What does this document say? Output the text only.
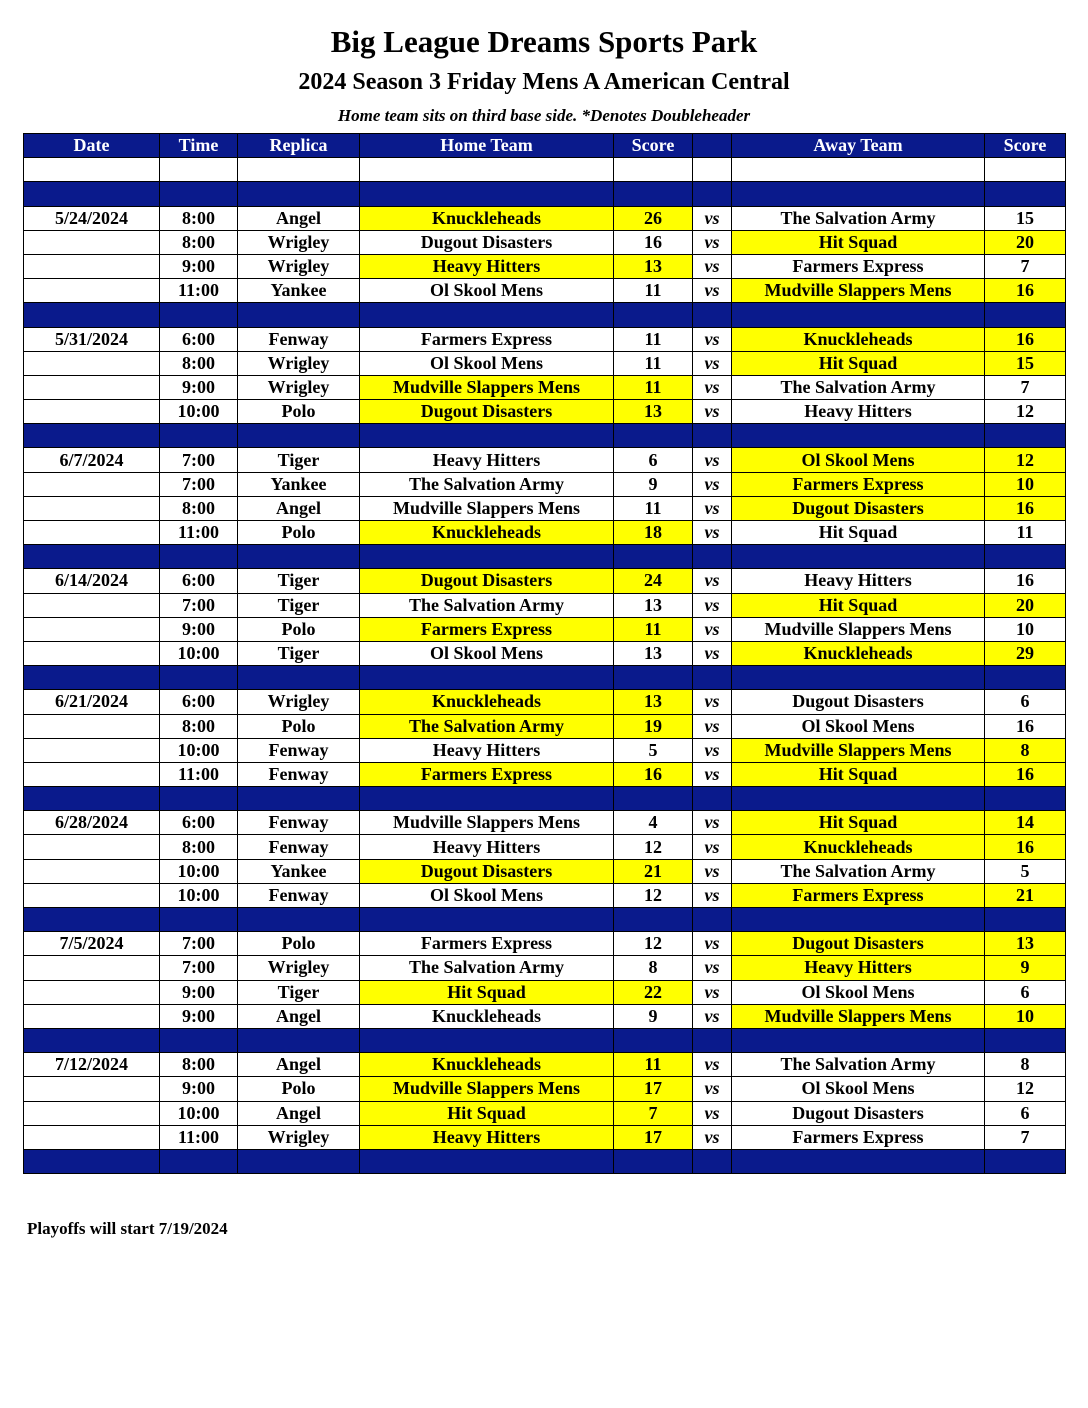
Big League Dreams Sports Park
2024 Season 3 Friday Mens A American Central
Home team sits on third base side. *Denotes Doubleheader
Date	Time	Replica	Home Team	Score		Away Team	Score

5/24/2024	8:00	Angel	Knuckleheads	26	vs	The Salvation Army	15
	8:00	Wrigley	Dugout Disasters	16	vs	Hit Squad	20
	9:00	Wrigley	Heavy Hitters	13	vs	Farmers Express	7
	11:00	Yankee	Ol Skool Mens	11	vs	Mudville Slappers Mens	16

5/31/2024	6:00	Fenway	Farmers Express	11	vs	Knuckleheads	16
	8:00	Wrigley	Ol Skool Mens	11	vs	Hit Squad	15
	9:00	Wrigley	Mudville Slappers Mens	11	vs	The Salvation Army	7
	10:00	Polo	Dugout Disasters	13	vs	Heavy Hitters	12

6/7/2024	7:00	Tiger	Heavy Hitters	6	vs	Ol Skool Mens	12
	7:00	Yankee	The Salvation Army	9	vs	Farmers Express	10
	8:00	Angel	Mudville Slappers Mens	11	vs	Dugout Disasters	16
	11:00	Polo	Knuckleheads	18	vs	Hit Squad	11

6/14/2024	6:00	Tiger	Dugout Disasters	24	vs	Heavy Hitters	16
	7:00	Tiger	The Salvation Army	13	vs	Hit Squad	20
	9:00	Polo	Farmers Express	11	vs	Mudville Slappers Mens	10
	10:00	Tiger	Ol Skool Mens	13	vs	Knuckleheads	29

6/21/2024	6:00	Wrigley	Knuckleheads	13	vs	Dugout Disasters	6
	8:00	Polo	The Salvation Army	19	vs	Ol Skool Mens	16
	10:00	Fenway	Heavy Hitters	5	vs	Mudville Slappers Mens	8
	11:00	Fenway	Farmers Express	16	vs	Hit Squad	16

6/28/2024	6:00	Fenway	Mudville Slappers Mens	4	vs	Hit Squad	14
	8:00	Fenway	Heavy Hitters	12	vs	Knuckleheads	16
	10:00	Yankee	Dugout Disasters	21	vs	The Salvation Army	5
	10:00	Fenway	Ol Skool Mens	12	vs	Farmers Express	21

7/5/2024	7:00	Polo	Farmers Express	12	vs	Dugout Disasters	13
	7:00	Wrigley	The Salvation Army	8	vs	Heavy Hitters	9
	9:00	Tiger	Hit Squad	22	vs	Ol Skool Mens	6
	9:00	Angel	Knuckleheads	9	vs	Mudville Slappers Mens	10

7/12/2024	8:00	Angel	Knuckleheads	11	vs	The Salvation Army	8
	9:00	Polo	Mudville Slappers Mens	17	vs	Ol Skool Mens	12
	10:00	Angel	Hit Squad	7	vs	Dugout Disasters	6
	11:00	Wrigley	Heavy Hitters	17	vs	Farmers Express	7

Playoffs will start 7/19/2024
